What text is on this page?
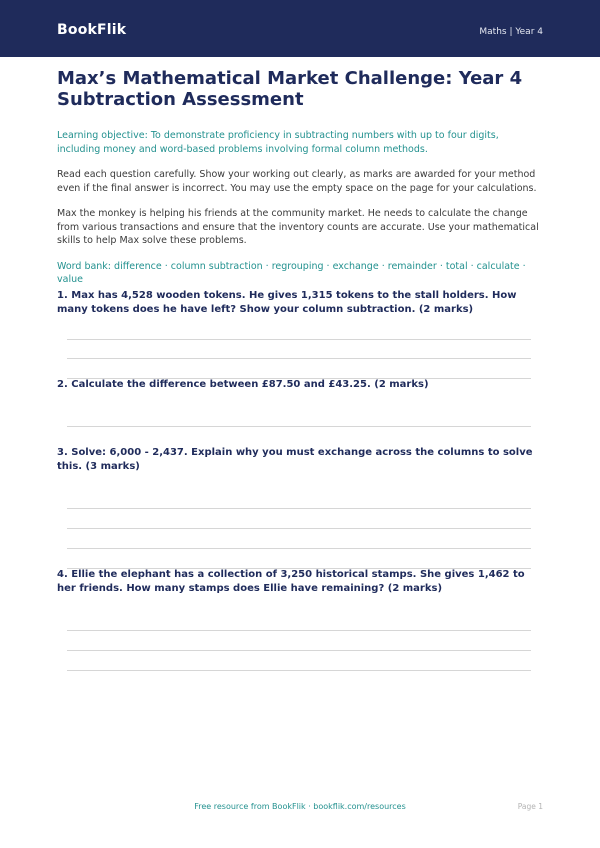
BookFlik	Maths | Year 4
Max’s Mathematical Market Challenge: Year 4 Subtraction Assessment
Learning objective: To demonstrate proficiency in subtracting numbers with up to four digits, including money and word-based problems involving formal column methods.
Read each question carefully. Show your working out clearly, as marks are awarded for your method even if the final answer is incorrect. You may use the empty space on the page for your calculations.
Max the monkey is helping his friends at the community market. He needs to calculate the change from various transactions and ensure that the inventory counts are accurate. Use your mathematical skills to help Max solve these problems.
Word bank: difference · column subtraction · regrouping · exchange · remainder · total · calculate · value
1. Max has 4,528 wooden tokens. He gives 1,315 tokens to the stall holders. How many tokens does he have left? Show your column subtraction. (2 marks)
2. Calculate the difference between £87.50 and £43.25. (2 marks)
3. Solve: 6,000 - 2,437. Explain why you must exchange across the columns to solve this. (3 marks)
4. Ellie the elephant has a collection of 3,250 historical stamps. She gives 1,462 to her friends. How many stamps does Ellie have remaining? (2 marks)
Free resource from BookFlik · bookflik.com/resources	Page 1
